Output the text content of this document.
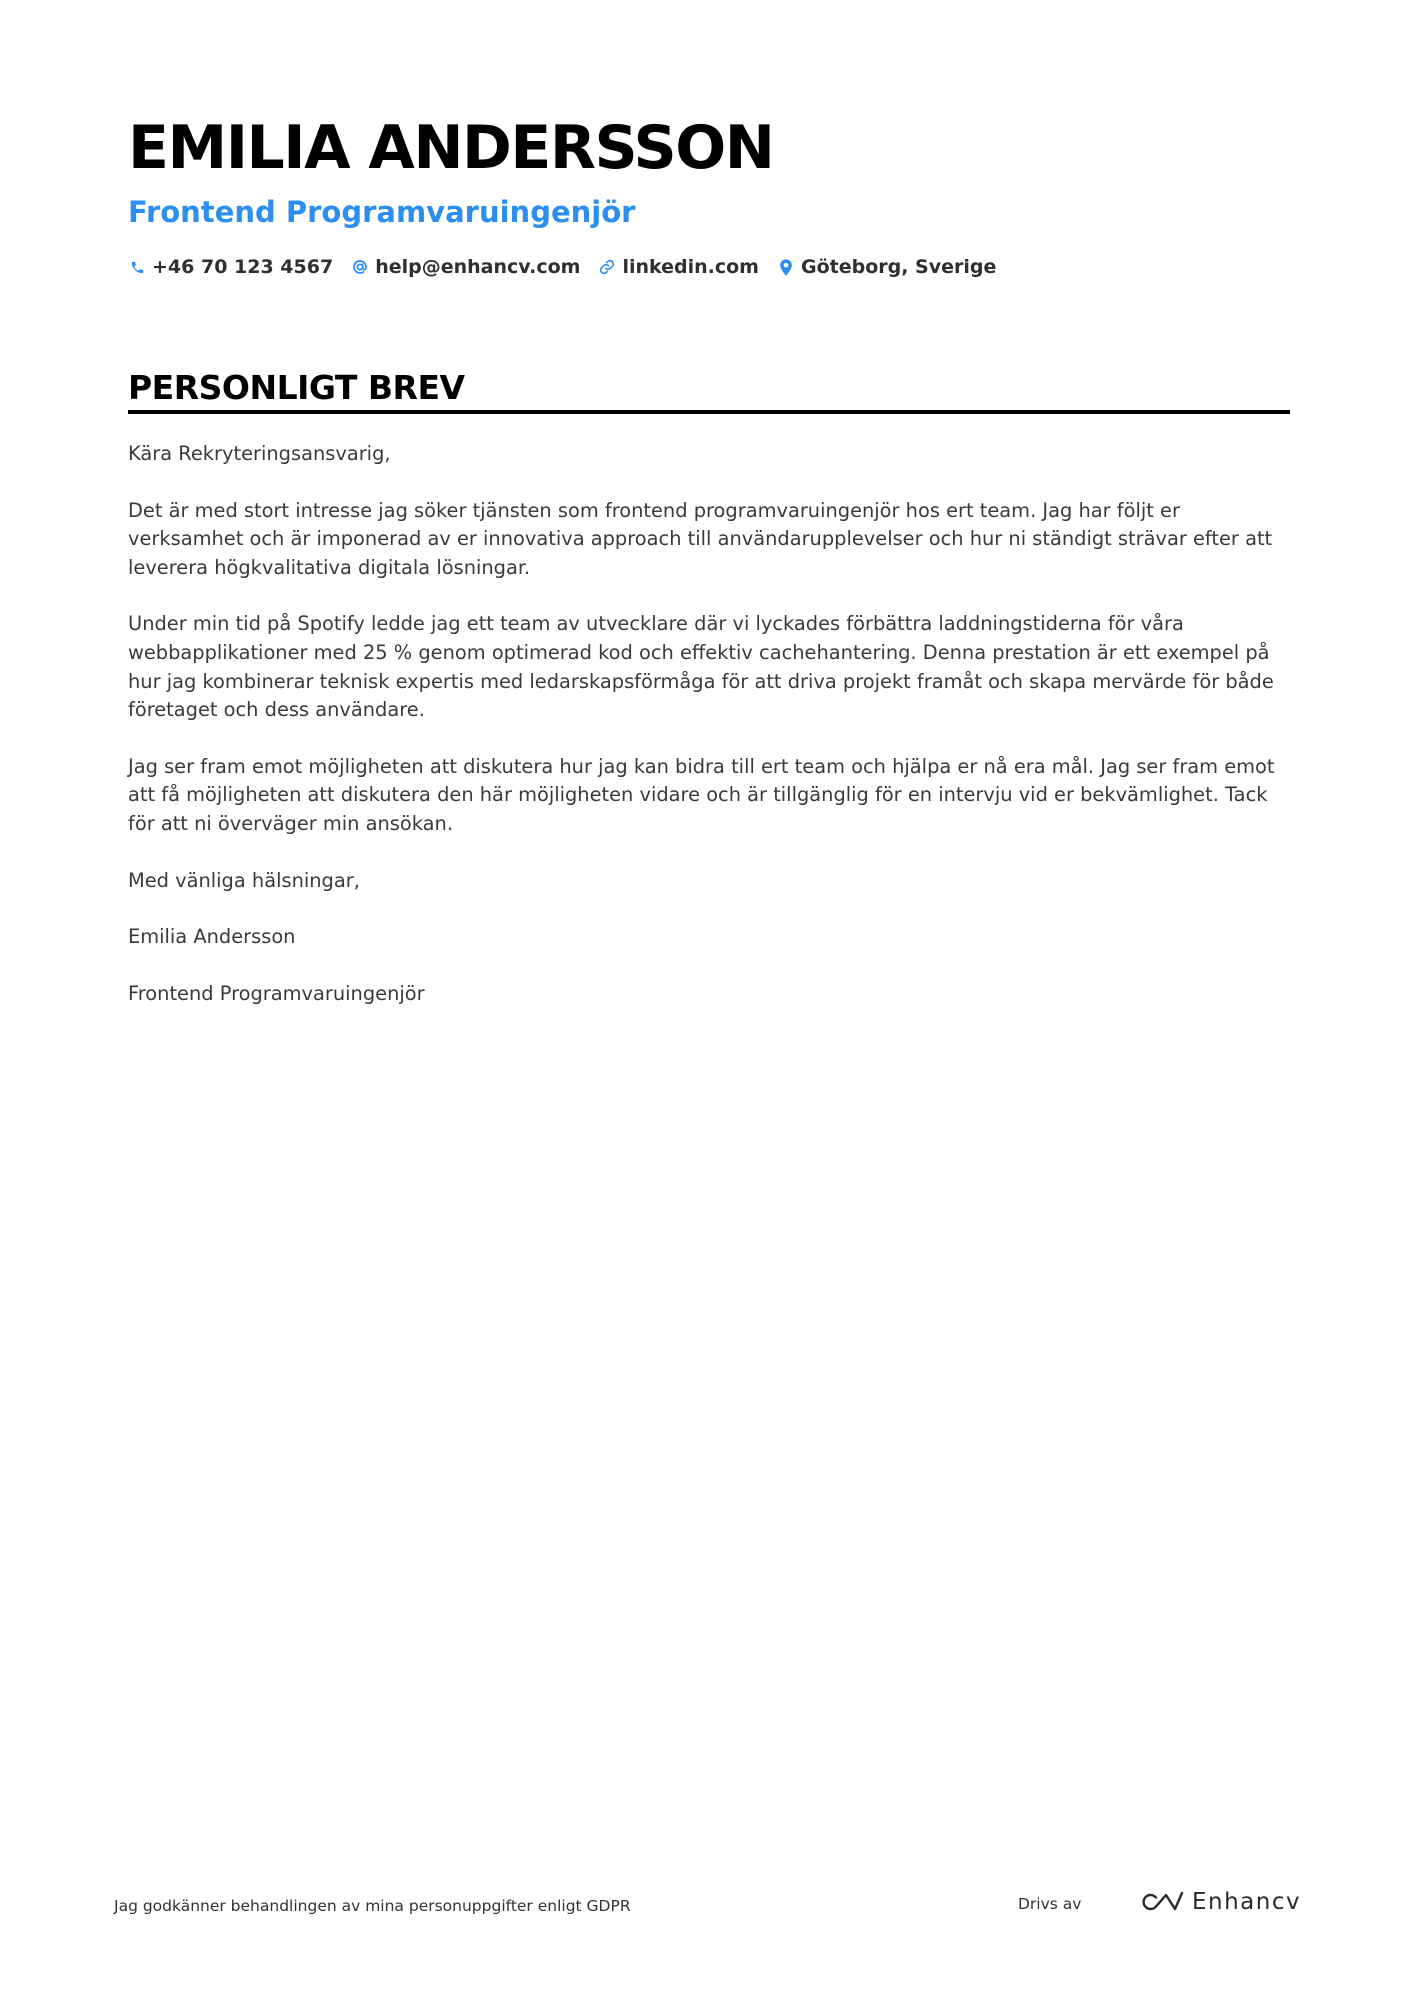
EMILIA ANDERSSON
Frontend Programvaruingenjör
+46 70 123 4567 help@enhancv.com linkedin.com Göteborg, Sverige
PERSONLIGT BREV

Kära Rekryteringsansvarig,

Det är med stort intresse jag söker tjänsten som frontend programvaruingenjör hos ert team. Jag har följt er verksamhet och är imponerad av er innovativa approach till användarupplevelser och hur ni ständigt strävar efter att leverera högkvalitativa digitala lösningar.

Under min tid på Spotify ledde jag ett team av utvecklare där vi lyckades förbättra laddningstiderna för våra webbapplikationer med 25 % genom optimerad kod och effektiv cachehantering. Denna prestation är ett exempel på hur jag kombinerar teknisk expertis med ledarskapsförmåga för att driva projekt framåt och skapa mervärde för både företaget och dess användare.

Jag ser fram emot möjligheten att diskutera hur jag kan bidra till ert team och hjälpa er nå era mål. Jag ser fram emot att få möjligheten att diskutera den här möjligheten vidare och är tillgänglig för en intervju vid er bekvämlighet. Tack för att ni överväger min ansökan.

Med vänliga hälsningar,

Emilia Andersson

Frontend Programvaruingenjör

Jag godkänner behandlingen av mina personuppgifter enligt GDPR	Drivs av	Enhancv
